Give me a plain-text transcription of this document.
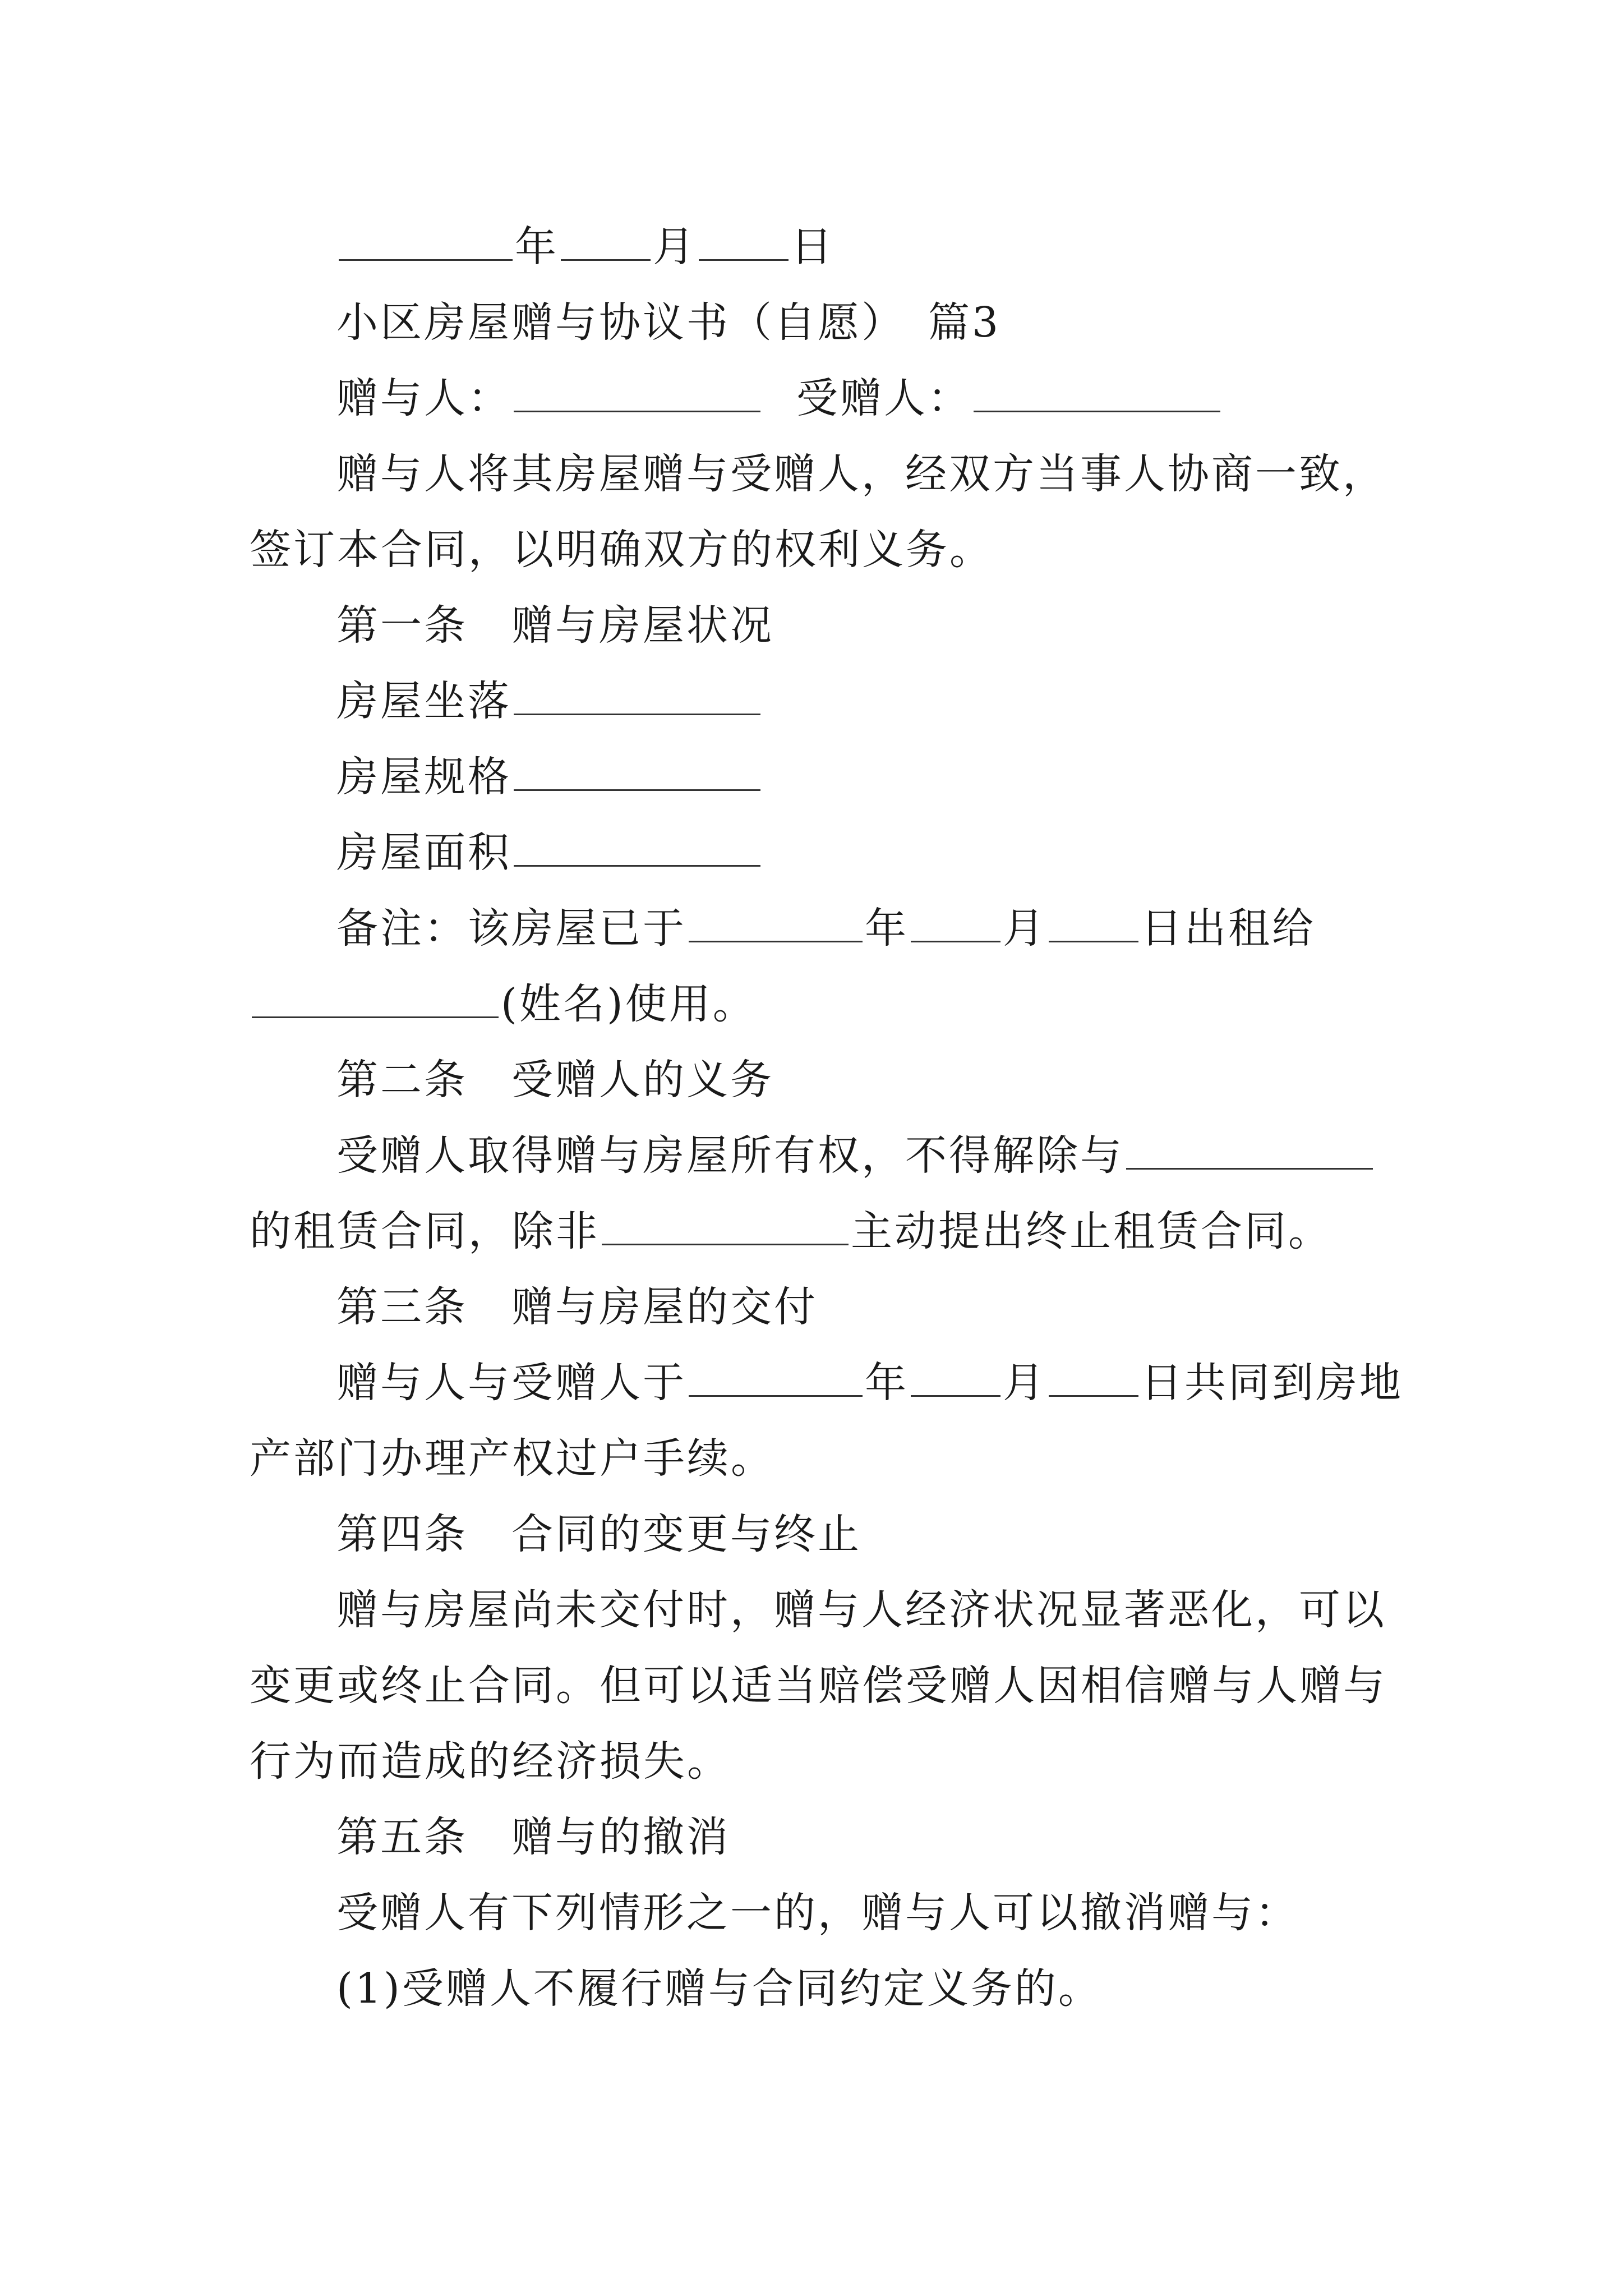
年 月 日
小区房屋赠与协议书（自愿）　篇3
赠与人：	受赠人：
赠与人将其房屋赠与受赠人，经双方当事人协商一致，
签订本合同，以明确双方的权利义务。
第一条　赠与房屋状况
房屋坐落
房屋规格
房屋面积
备注：该房屋已于	年 月 日出租给
(姓名)使用。
第二条　受赠人的义务
受赠人取得赠与房屋所有权，不得解除与
的租赁合同，除非	主动提出终止租赁合同。
第三条　赠与房屋的交付
赠与人与受赠人于	年 月 日共同到房地
产部门办理产权过户手续。
第四条　合同的变更与终止
赠与房屋尚未交付时，赠与人经济状况显著恶化，可以
变更或终止合同。但可以适当赔偿受赠人因相信赠与人赠与
行为而造成的经济损失。
第五条　赠与的撤消
受赠人有下列情形之一的，赠与人可以撤消赠与：
(1)受赠人不履行赠与合同约定义务的。
